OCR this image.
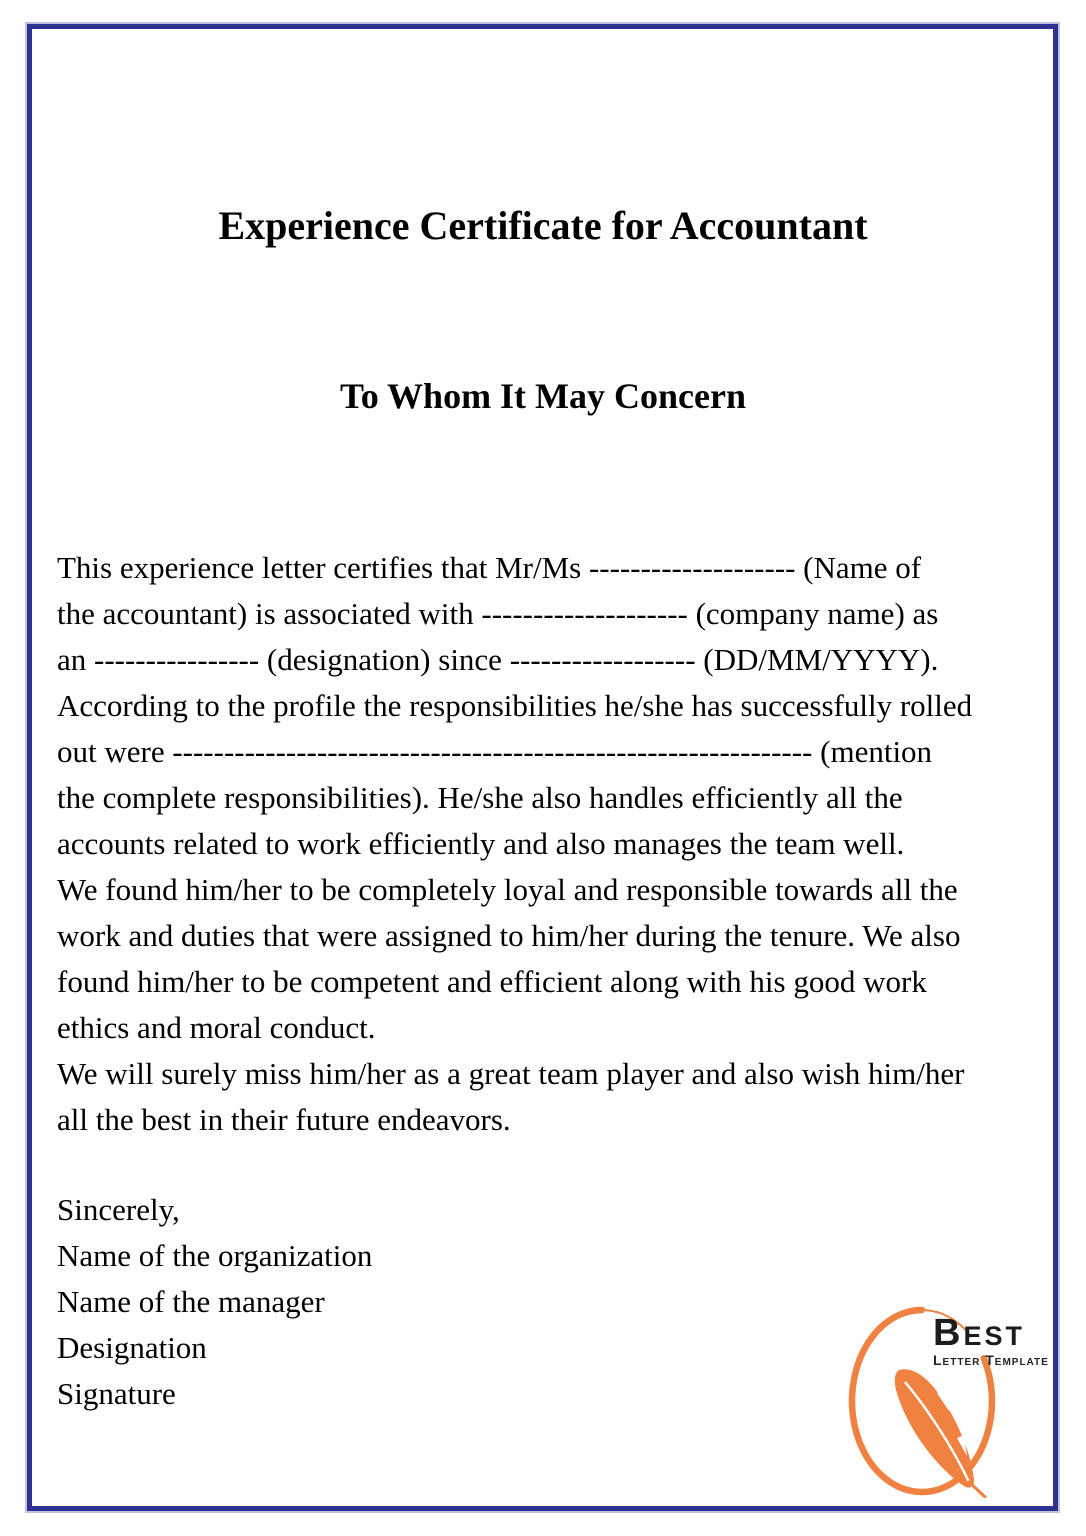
Experience Certificate for Accountant
To Whom It May Concern
This experience letter certifies that Mr/Ms -------------------- (Name of
the accountant) is associated with -------------------- (company name) as
an ---------------- (designation) since ------------------ (DD/MM/YYYY).
According to the profile the responsibilities he/she has successfully rolled
out were -------------------------------------------------------------- (mention
the complete responsibilities). He/she also handles efficiently all the
accounts related to work efficiently and also manages the team well.
We found him/her to be completely loyal and responsible towards all the
work and duties that were assigned to him/her during the tenure. We also
found him/her to be competent and efficient along with his good work
ethics and moral conduct.
We will surely miss him/her as a great team player and also wish him/her
all the best in their future endeavors.
Sincerely,
Name of the organization
Name of the manager
Designation
Signature
B EST
Letter Template
